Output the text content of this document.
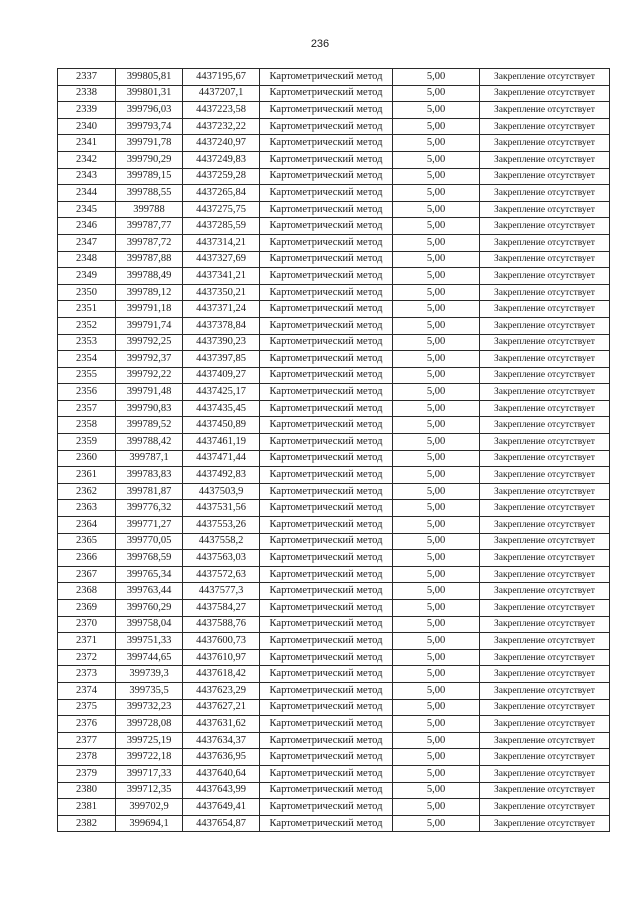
236
2337	399805,81	4437195,67	Картометрический метод	5,00	Закрепление отсутствует
2338	399801,31	4437207,1	Картометрический метод	5,00	Закрепление отсутствует
2339	399796,03	4437223,58	Картометрический метод	5,00	Закрепление отсутствует
2340	399793,74	4437232,22	Картометрический метод	5,00	Закрепление отсутствует
2341	399791,78	4437240,97	Картометрический метод	5,00	Закрепление отсутствует
2342	399790,29	4437249,83	Картометрический метод	5,00	Закрепление отсутствует
2343	399789,15	4437259,28	Картометрический метод	5,00	Закрепление отсутствует
2344	399788,55	4437265,84	Картометрический метод	5,00	Закрепление отсутствует
2345	399788	4437275,75	Картометрический метод	5,00	Закрепление отсутствует
2346	399787,77	4437285,59	Картометрический метод	5,00	Закрепление отсутствует
2347	399787,72	4437314,21	Картометрический метод	5,00	Закрепление отсутствует
2348	399787,88	4437327,69	Картометрический метод	5,00	Закрепление отсутствует
2349	399788,49	4437341,21	Картометрический метод	5,00	Закрепление отсутствует
2350	399789,12	4437350,21	Картометрический метод	5,00	Закрепление отсутствует
2351	399791,18	4437371,24	Картометрический метод	5,00	Закрепление отсутствует
2352	399791,74	4437378,84	Картометрический метод	5,00	Закрепление отсутствует
2353	399792,25	4437390,23	Картометрический метод	5,00	Закрепление отсутствует
2354	399792,37	4437397,85	Картометрический метод	5,00	Закрепление отсутствует
2355	399792,22	4437409,27	Картометрический метод	5,00	Закрепление отсутствует
2356	399791,48	4437425,17	Картометрический метод	5,00	Закрепление отсутствует
2357	399790,83	4437435,45	Картометрический метод	5,00	Закрепление отсутствует
2358	399789,52	4437450,89	Картометрический метод	5,00	Закрепление отсутствует
2359	399788,42	4437461,19	Картометрический метод	5,00	Закрепление отсутствует
2360	399787,1	4437471,44	Картометрический метод	5,00	Закрепление отсутствует
2361	399783,83	4437492,83	Картометрический метод	5,00	Закрепление отсутствует
2362	399781,87	4437503,9	Картометрический метод	5,00	Закрепление отсутствует
2363	399776,32	4437531,56	Картометрический метод	5,00	Закрепление отсутствует
2364	399771,27	4437553,26	Картометрический метод	5,00	Закрепление отсутствует
2365	399770,05	4437558,2	Картометрический метод	5,00	Закрепление отсутствует
2366	399768,59	4437563,03	Картометрический метод	5,00	Закрепление отсутствует
2367	399765,34	4437572,63	Картометрический метод	5,00	Закрепление отсутствует
2368	399763,44	4437577,3	Картометрический метод	5,00	Закрепление отсутствует
2369	399760,29	4437584,27	Картометрический метод	5,00	Закрепление отсутствует
2370	399758,04	4437588,76	Картометрический метод	5,00	Закрепление отсутствует
2371	399751,33	4437600,73	Картометрический метод	5,00	Закрепление отсутствует
2372	399744,65	4437610,97	Картометрический метод	5,00	Закрепление отсутствует
2373	399739,3	4437618,42	Картометрический метод	5,00	Закрепление отсутствует
2374	399735,5	4437623,29	Картометрический метод	5,00	Закрепление отсутствует
2375	399732,23	4437627,21	Картометрический метод	5,00	Закрепление отсутствует
2376	399728,08	4437631,62	Картометрический метод	5,00	Закрепление отсутствует
2377	399725,19	4437634,37	Картометрический метод	5,00	Закрепление отсутствует
2378	399722,18	4437636,95	Картометрический метод	5,00	Закрепление отсутствует
2379	399717,33	4437640,64	Картометрический метод	5,00	Закрепление отсутствует
2380	399712,35	4437643,99	Картометрический метод	5,00	Закрепление отсутствует
2381	399702,9	4437649,41	Картометрический метод	5,00	Закрепление отсутствует
2382	399694,1	4437654,87	Картометрический метод	5,00	Закрепление отсутствует
